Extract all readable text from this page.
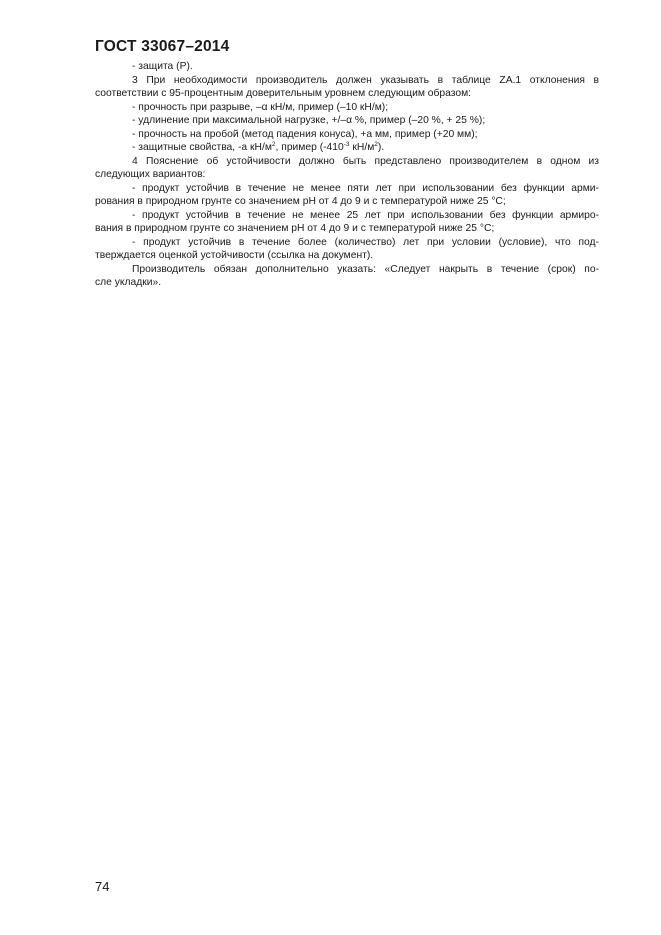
ГОСТ 33067–2014
- защита (Р).
3 При необходимости производитель должен указывать в таблице ZA.1 отклонения в
соответствии с 95-процентным доверительным уровнем следующим образом:
- прочность при разрыве, –α кН/м, пример (–10 кН/м);
- удлинение при максимальной нагрузке, +/–α %, пример (–20 %, + 25 %);
- прочность на пробой (метод падения конуса), +а мм, пример (+20 мм);
- защитные свойства, -а $кН/м^2$, пример ($-410^{-3}$ $кН/м^2$).
4 Пояснение об устойчивости должно быть представлено производителем в одном из
следующих вариантов:
- продукт устойчив в течение не менее пяти лет при использовании без функции арми-
рования в природном грунте со значением pH от 4 до 9 и с температурой ниже 25 °С;
- продукт устойчив в течение не менее 25 лет при использовании без функции армиро-
вания в природном грунте со значением pH от 4 до 9 и с температурой ниже 25 °С;
- продукт устойчив в течение более (количество) лет при условии (условие), что под-
тверждается оценкой устойчивости (ссылка на документ).
Производитель обязан дополнительно указать: «Следует накрыть в течение (срок) по-
сле укладки».
74
